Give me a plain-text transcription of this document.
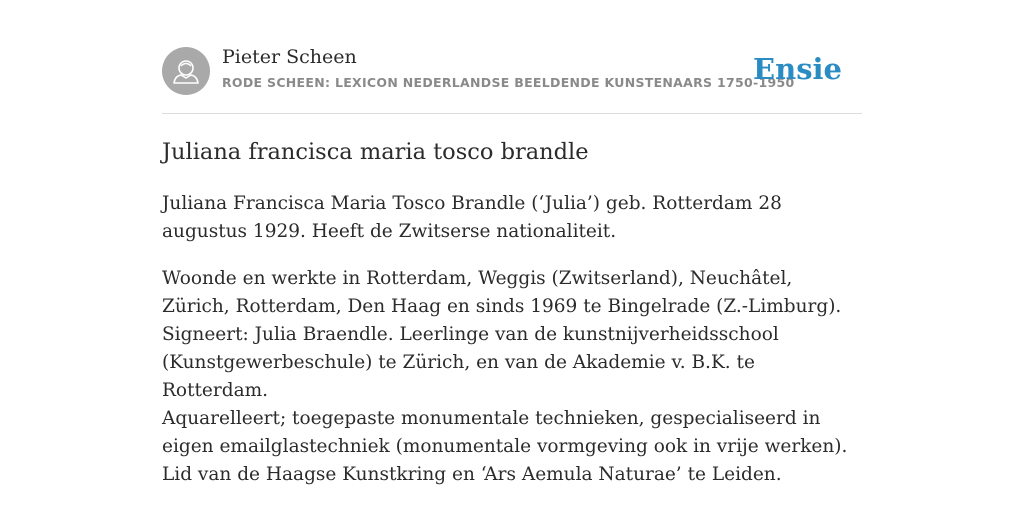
Pieter Scheen
RODE SCHEEN: LEXICON NEDERLANDSE BEELDENDE KUNSTENAARS 1750-1950
Ensie
Juliana francisca maria tosco brandle

Juliana Francisca Maria Tosco Brandle (‘Julia’) geb. Rotterdam 28 augustus 1929. Heeft de Zwitserse nationaliteit.

Woonde en werkte in Rotterdam, Weggis (Zwitserland), Neuchâtel, Zürich, Rotterdam, Den Haag en sinds 1969 te Bingelrade (Z.-Limburg). Signeert: Julia Braendle. Leerlinge van de kunstnijverheidsschool (Kunstgewerbeschule) te Zürich, en van de Akademie v. B.K. te Rotterdam.

Aquarelleert; toegepaste monumentale technieken, gespecialiseerd in eigen emailglastechniek (monumentale vormgeving ook in vrije werken). Lid van de Haagse Kunstkring en ‘Ars Aemula Naturae’ te Leiden.
